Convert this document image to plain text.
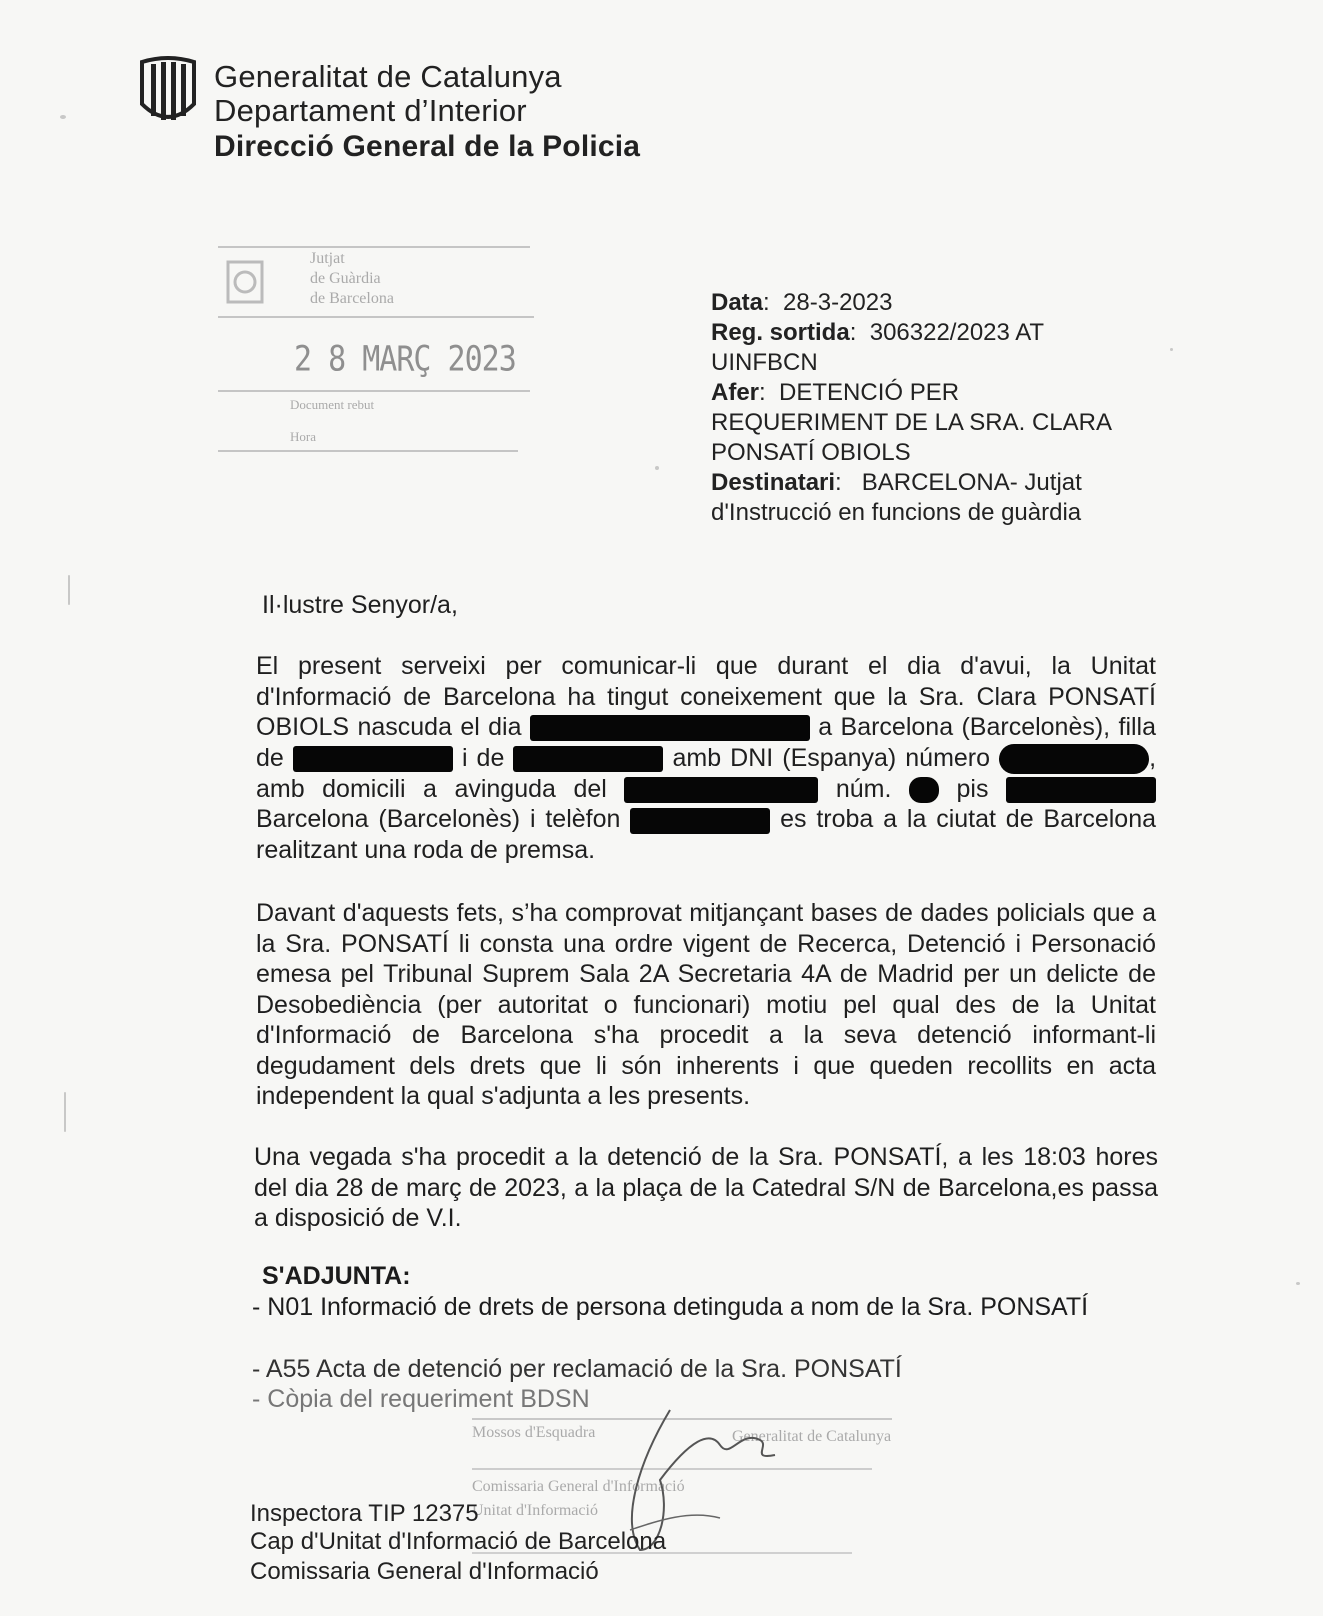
Generalitat de Catalunya
Departament d’Interior
Direcció General de la Policia
Jutjat
de Guàrdia
de Barcelona
2 8 MARÇ 2023
Document rebut
Hora

Data:  28-3-2023

Reg. sortida:  306322/2023 AT UINFBCN

Afer:  DETENCIÓ PER REQUERIMENT DE LA SRA. CLARA PONSATÍ OBIOLS

Destinatari:   BARCELONA- Jutjat d'Instrucció en funcions de guàrdia

Il·lustre Senyor/a,
El present serveixi per comunicar-li que durant el dia d'avui, la Unitat d'Informació de Barcelona ha tingut coneixement que la Sra. Clara PONSATÍ OBIOLS nascuda el dia	a Barcelona (Barcelonès), filla de	i de	amb DNI (Espanya) número	, amb domicili a avinguda del	núm.	pis  Barcelona (Barcelonès) i telèfon	es troba a la ciutat de Barcelona realitzant una roda de premsa.
Davant d'aquests fets, s’ha comprovat mitjançant bases de dades policials que a la Sra. PONSATÍ li consta una ordre vigent de Recerca, Detenció i Personació emesa pel Tribunal Suprem Sala 2A Secretaria 4A de Madrid per un delicte de Desobediència (per autoritat o funcionari) motiu pel qual des de la Unitat d'Informació de Barcelona s'ha procedit a la seva detenció informant-li degudament dels drets que li són inherents i que queden recollits en acta independent la qual s'adjunta a les presents.
Una vegada s'ha procedit a la detenció de la Sra. PONSATÍ, a les 18:03 hores del dia 28 de març de 2023, a la plaça de la Catedral S/N de Barcelona,es passa a disposició de V.I.
S'ADJUNTA:
- N01 Informació de drets de persona detinguda a nom de la Sra. PONSATÍ
- A55 Acta de detenció per reclamació de la Sra. PONSATÍ
- Còpia del requeriment BDSN
Mossos d'Esquadra	Generalitat de Catalunya
Comissaria General d'Informació
Unitat d'Informació
Inspectora TIP 12375
Cap d'Unitat d'Informació de Barcelona
Comissaria General d'Informació
